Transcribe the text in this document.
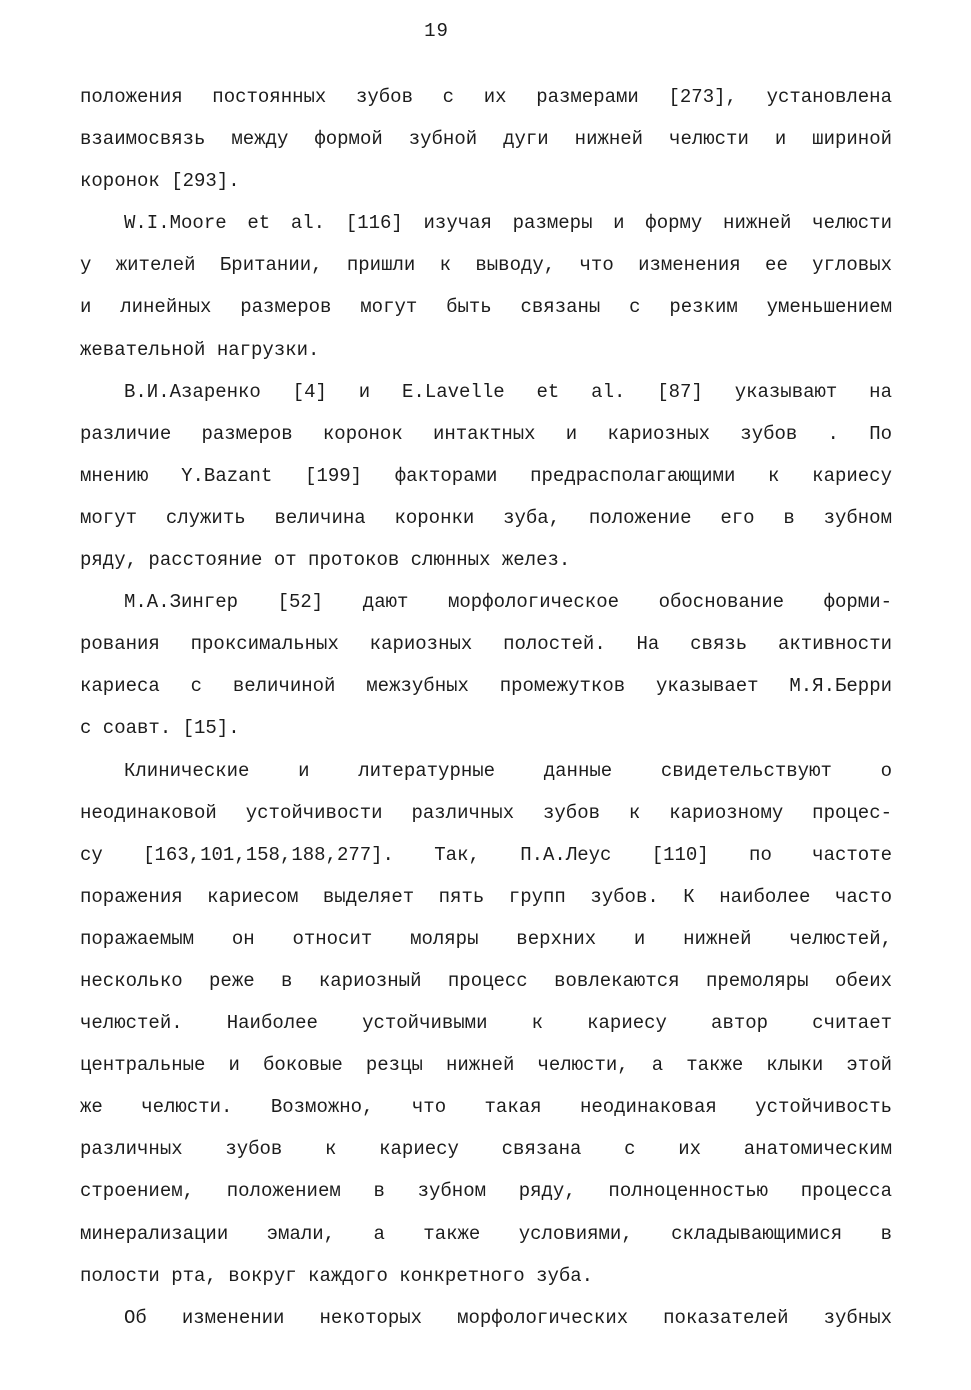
19
положения постоянных зубов с их размерами [273], установлена
взаимосвязь между формой зубной дуги нижней челюсти и шириной
коронок [293].
W.I.Moore et al. [116] изучая размеры и форму нижней челюсти
у жителей Британии, пришли к выводу, что изменения ее угловых
и линейных размеров могут быть связаны с резким уменьшением
жевательной нагрузки.
В.И.Азаренко [4] и E.Lavelle et al. [87] указывают на
различие размеров коронок интактных и кариозных зубов . По
мнению Y.Bazant [199] факторами предрасполагающими к кариесу
могут служить величина коронки зуба, положение его в зубном
ряду, расстояние от протоков слюнных желез.
М.А.Зингер [52] дают морфологическое обоснование форми-
рования проксимальных кариозных полостей. На связь активности
кариеса с величиной межзубных промежутков указывает М.Я.Берри
с соавт. [15].
Клинические и литературные данные свидетельствуют о
неодинаковой устойчивости различных зубов к кариозному процес-
су [163,101,158,188,277]. Так, П.А.Леус [110] по частоте
поражения кариесом выделяет пять групп зубов. К наиболее часто
поражаемым он относит моляры верхних и нижней челюстей,
несколько реже в кариозный процесс вовлекаются премоляры обеих
челюстей. Наиболее устойчивыми к кариесу автор считает
центральные и боковые резцы нижней челюсти, а также клыки этой
же челюсти. Возможно, что такая неодинаковая устойчивость
различных зубов к кариесу связана с их анатомическим
строением, положением в зубном ряду, полноценностью процесса
минерализации эмали, а также условиями, складывающимися в
полости рта, вокруг каждого конкретного зуба.
Об изменении некоторых морфологических показателей зубных
